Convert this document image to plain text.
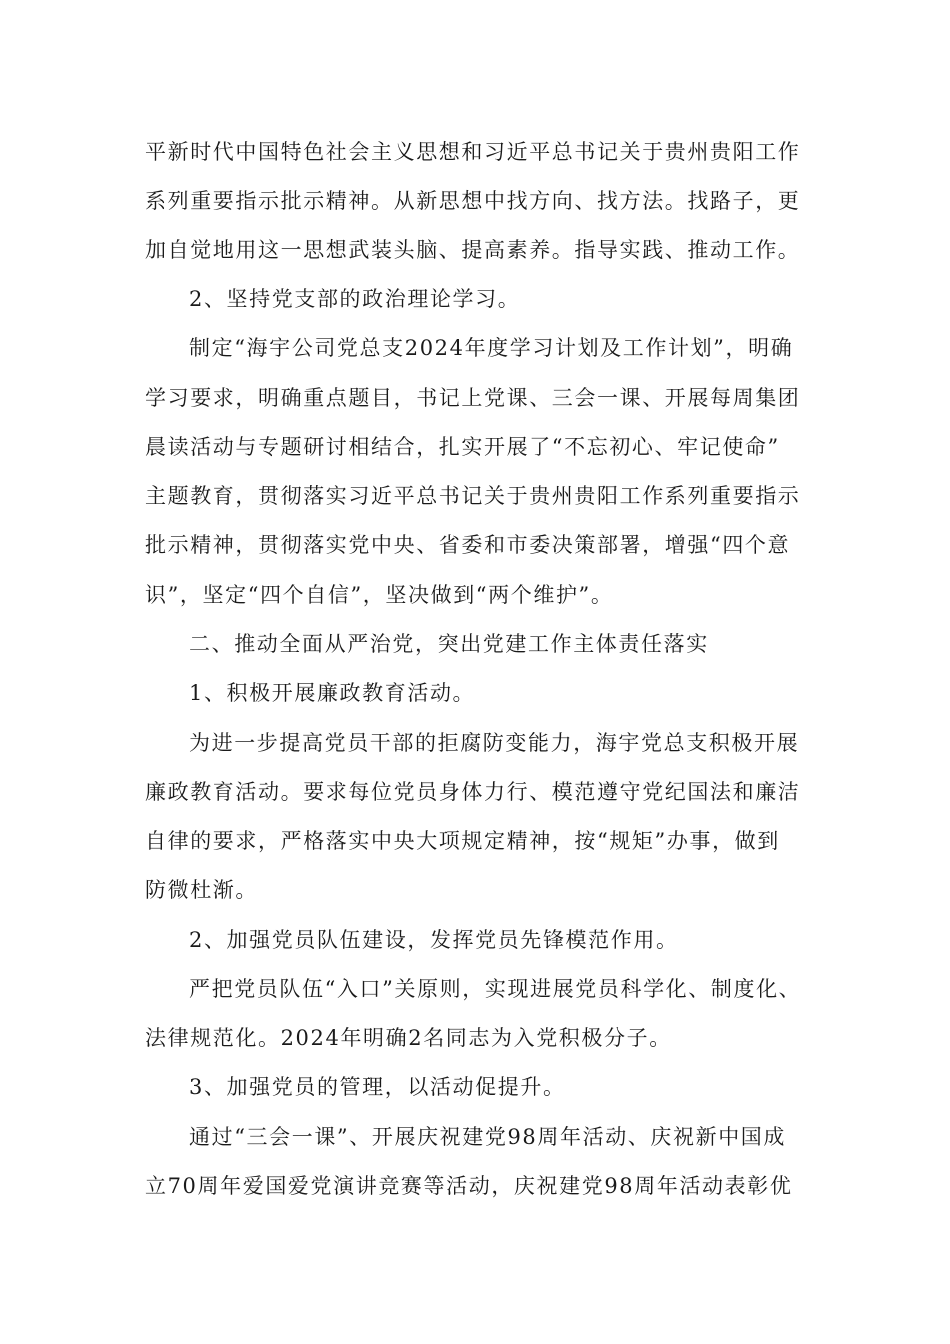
平新时代中国特色社会主义思想和习近平总书记关于贵州贵阳工作
系列重要指示批示精神。从新思想中找方向、找方法。找路子，更
加自觉地用这一思想武装头脑、提高素养。指导实践、推动工作。
2、坚持党支部的政治理论学习。
制定“海宇公司党总支2024年度学习计划及工作计划”，明确
学习要求，明确重点题目，书记上党课、三会一课、开展每周集团
晨读活动与专题研讨相结合，扎实开展了“不忘初心、牢记使命”
主题教育，贯彻落实习近平总书记关于贵州贵阳工作系列重要指示
批示精神，贯彻落实党中央、省委和市委决策部署，增强“四个意
识”，坚定“四个自信”，坚决做到“两个维护”。
二、推动全面从严治党，突出党建工作主体责任落实
1、积极开展廉政教育活动。
为进一步提高党员干部的拒腐防变能力，海宇党总支积极开展
廉政教育活动。要求每位党员身体力行、模范遵守党纪国法和廉洁
自律的要求，严格落实中央大项规定精神，按“规矩”办事，做到
防微杜渐。
2、加强党员队伍建设，发挥党员先锋模范作用。
严把党员队伍“入口”关原则，实现进展党员科学化、制度化、
法律规范化。2024年明确2名同志为入党积极分子。
3、加强党员的管理，以活动促提升。
通过“三会一课”、开展庆祝建党98周年活动、庆祝新中国成
立70周年爱国爱党演讲竞赛等活动，庆祝建党98周年活动表彰优
